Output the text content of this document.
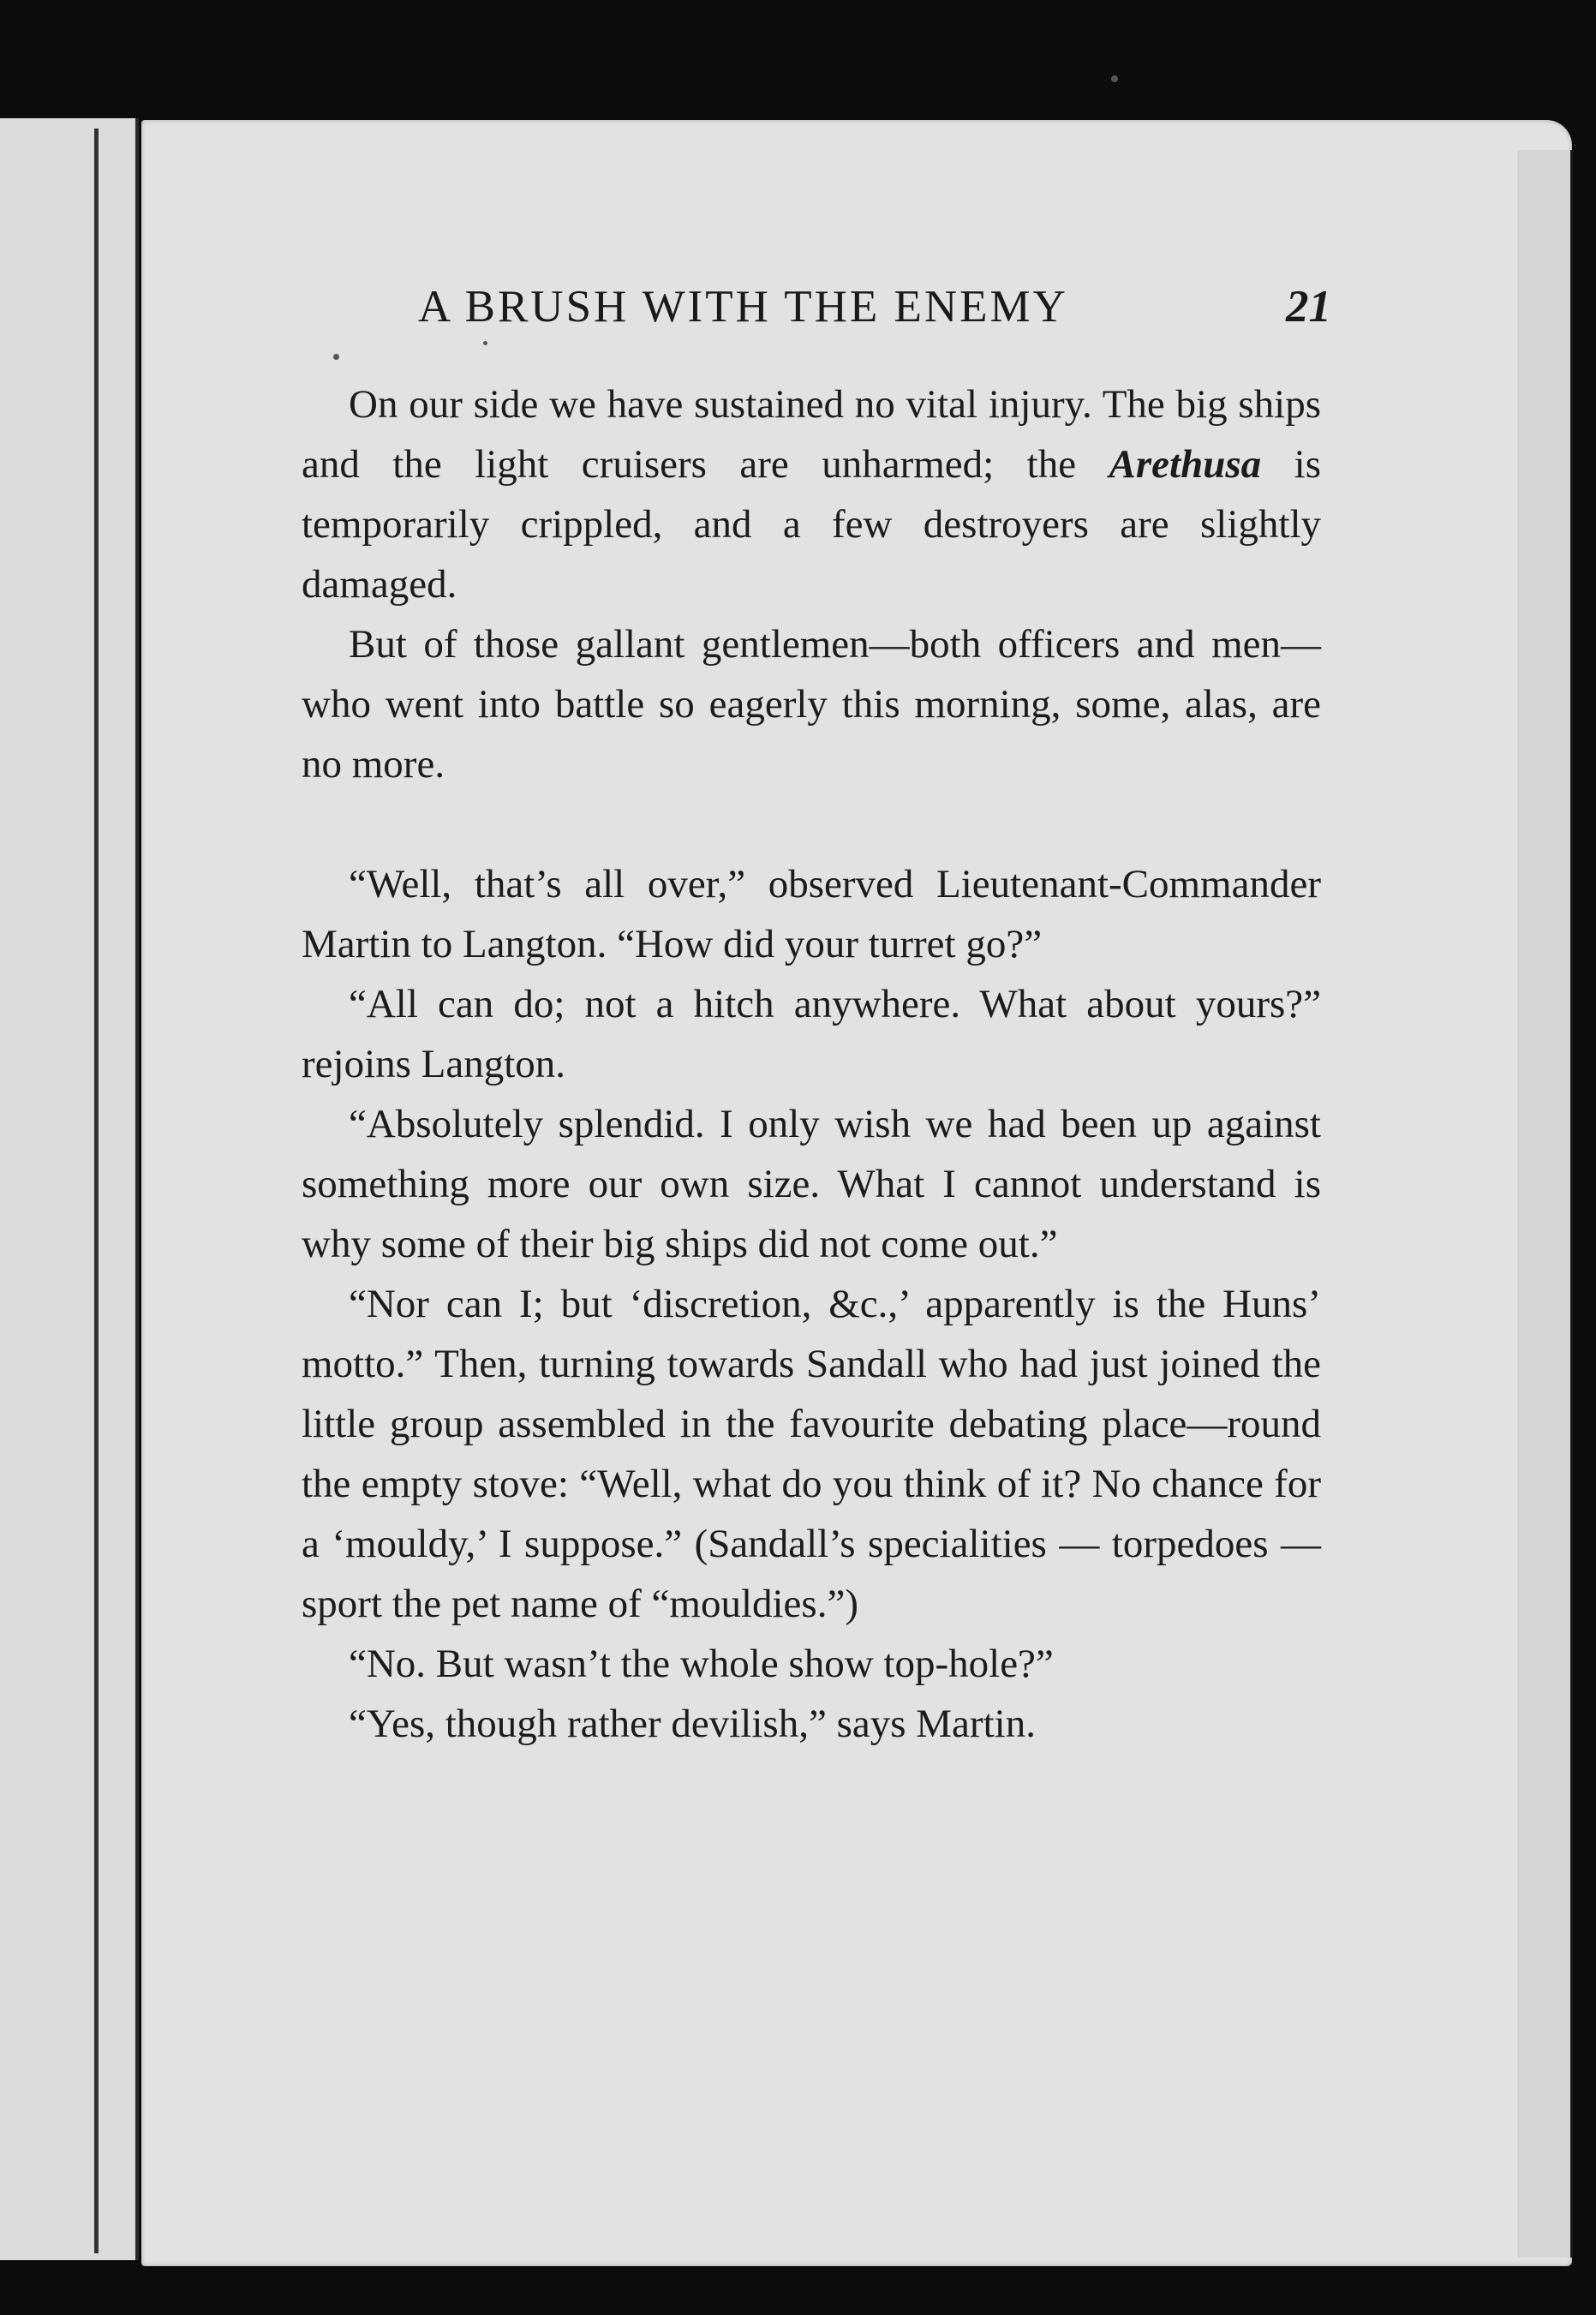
A BRUSH WITH THE ENEMY	21

On our side we have sustained no vital injury. The big ships and the light cruisers are unharmed; the Arethusa is temporarily crippled, and a few destroyers are slightly damaged.

But of those gallant gentlemen—both officers and men—who went into battle so eagerly this morning, some, alas, are no more.

“Well, that’s all over,” observed Lieutenant-Commander Martin to Langton. “How did your turret go?”

“All can do; not a hitch anywhere. What about yours?” rejoins Langton.

“Absolutely splendid. I only wish we had been up against something more our own size. What I cannot understand is why some of their big ships did not come out.”

“Nor can I; but ‘discretion, &c.,’ apparently is the Huns’ motto.” Then, turning towards Sandall who had just joined the little group assembled in the favourite debating place—round the empty stove: “Well, what do you think of it? No chance for a ‘mouldy,’ I suppose.” (Sandall’s specialities — torpedoes — sport the pet name of “mouldies.”)

“No. But wasn’t the whole show top-hole?”

“Yes, though rather devilish,” says Martin.
